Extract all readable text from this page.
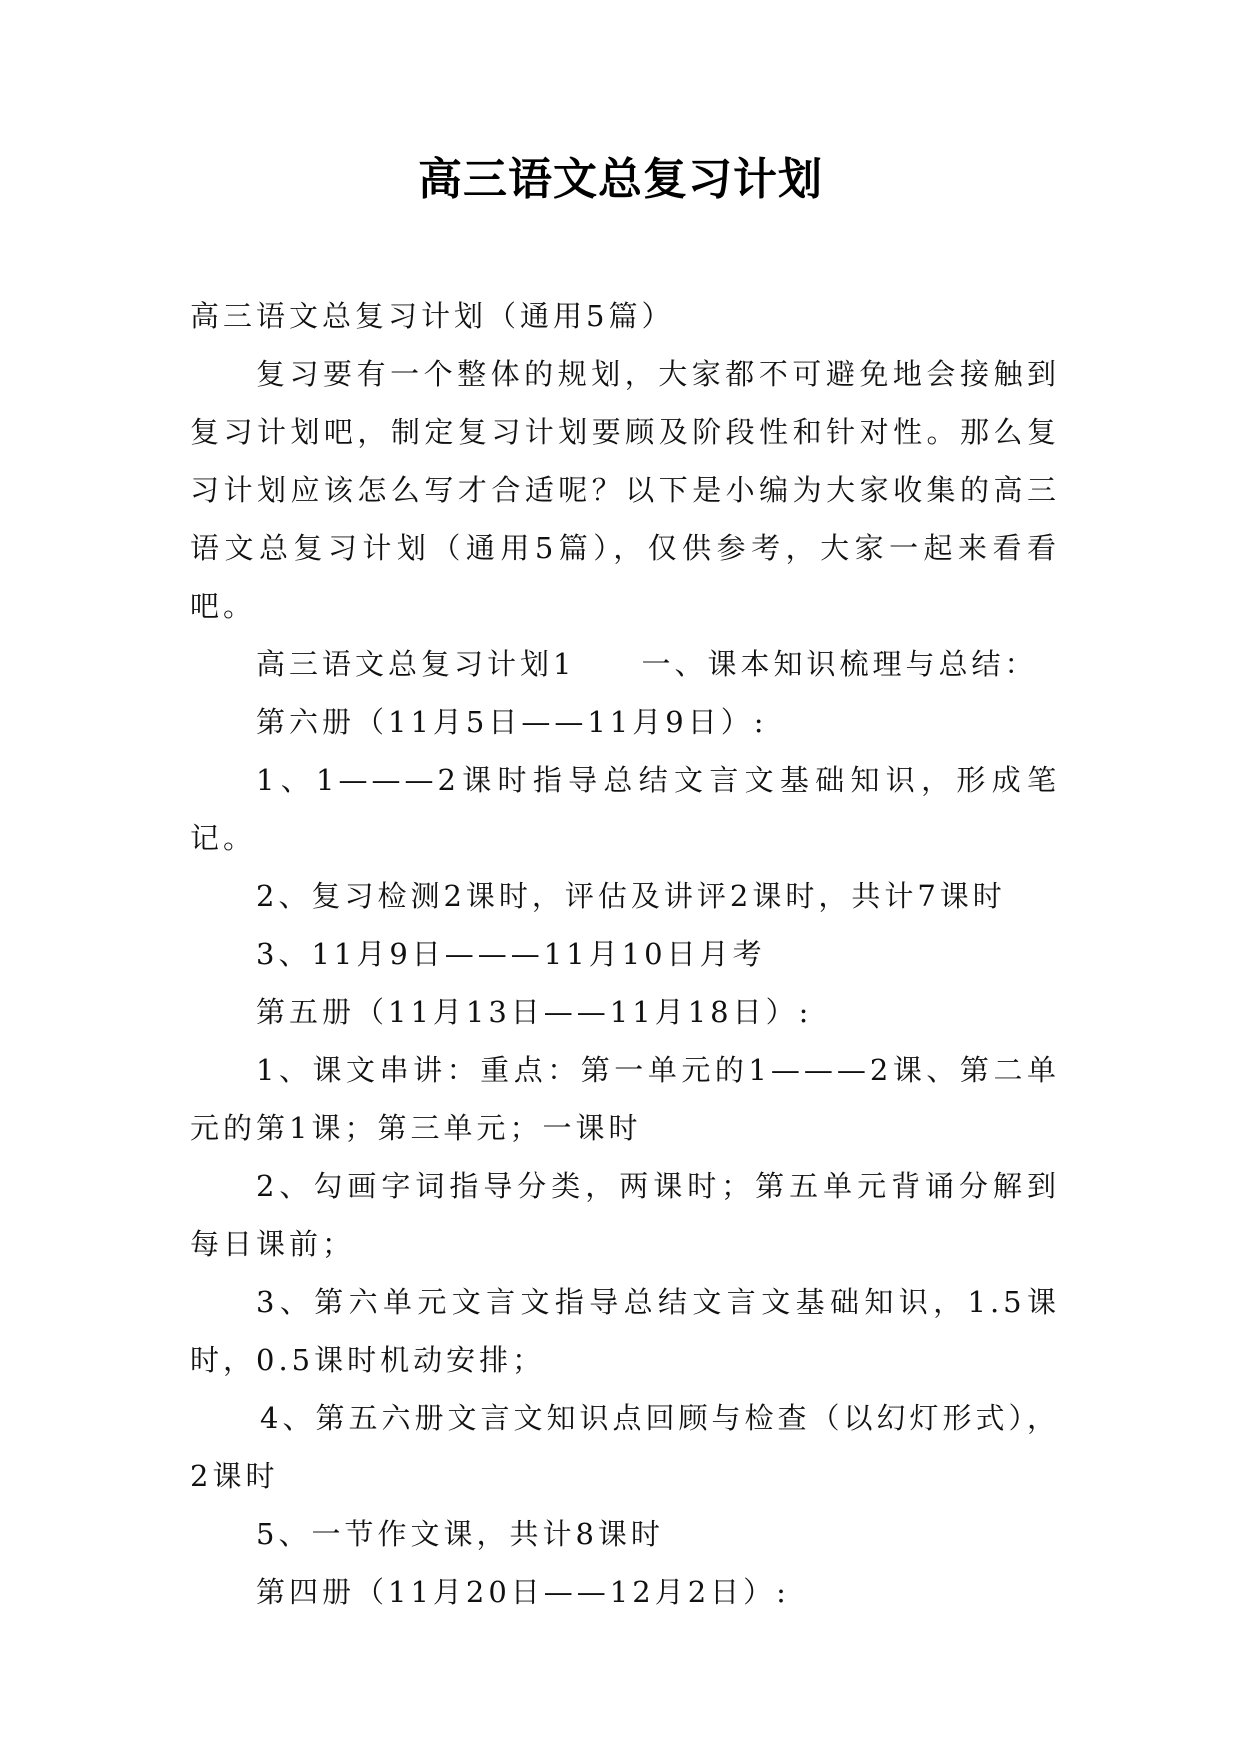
高三语文总复习计划

高三语文总复习计划（通用5篇）

复习要有一个整体的规划，大家都不可避免地会接触到复习计划吧，制定复习计划要顾及阶段性和针对性。那么复习计划应该怎么写才合适呢？以下是小编为大家收集的高三语文总复习计划（通用5篇），仅供参考，大家一起来看看吧。

高三语文总复习计划1　　一、课本知识梳理与总结：

第六册（11月5日——11月9日）:

1、1———2课时指导总结文言文基础知识，形成笔记。

2、复习检测2课时，评估及讲评2课时，共计7课时

3、11月9日———11月10日月考

第五册（11月13日——11月18日）:

1、课文串讲：重点：第一单元的1———2课、第二单元的第1课；第三单元；一课时

2、勾画字词指导分类，两课时；第五单元背诵分解到每日课前；

3、第六单元文言文指导总结文言文基础知识，1.5课时，0.5课时机动安排；

4、第五六册文言文知识点回顾与检查（以幻灯形式），2课时

5、一节作文课，共计8课时

第四册（11月20日——12月2日）:
